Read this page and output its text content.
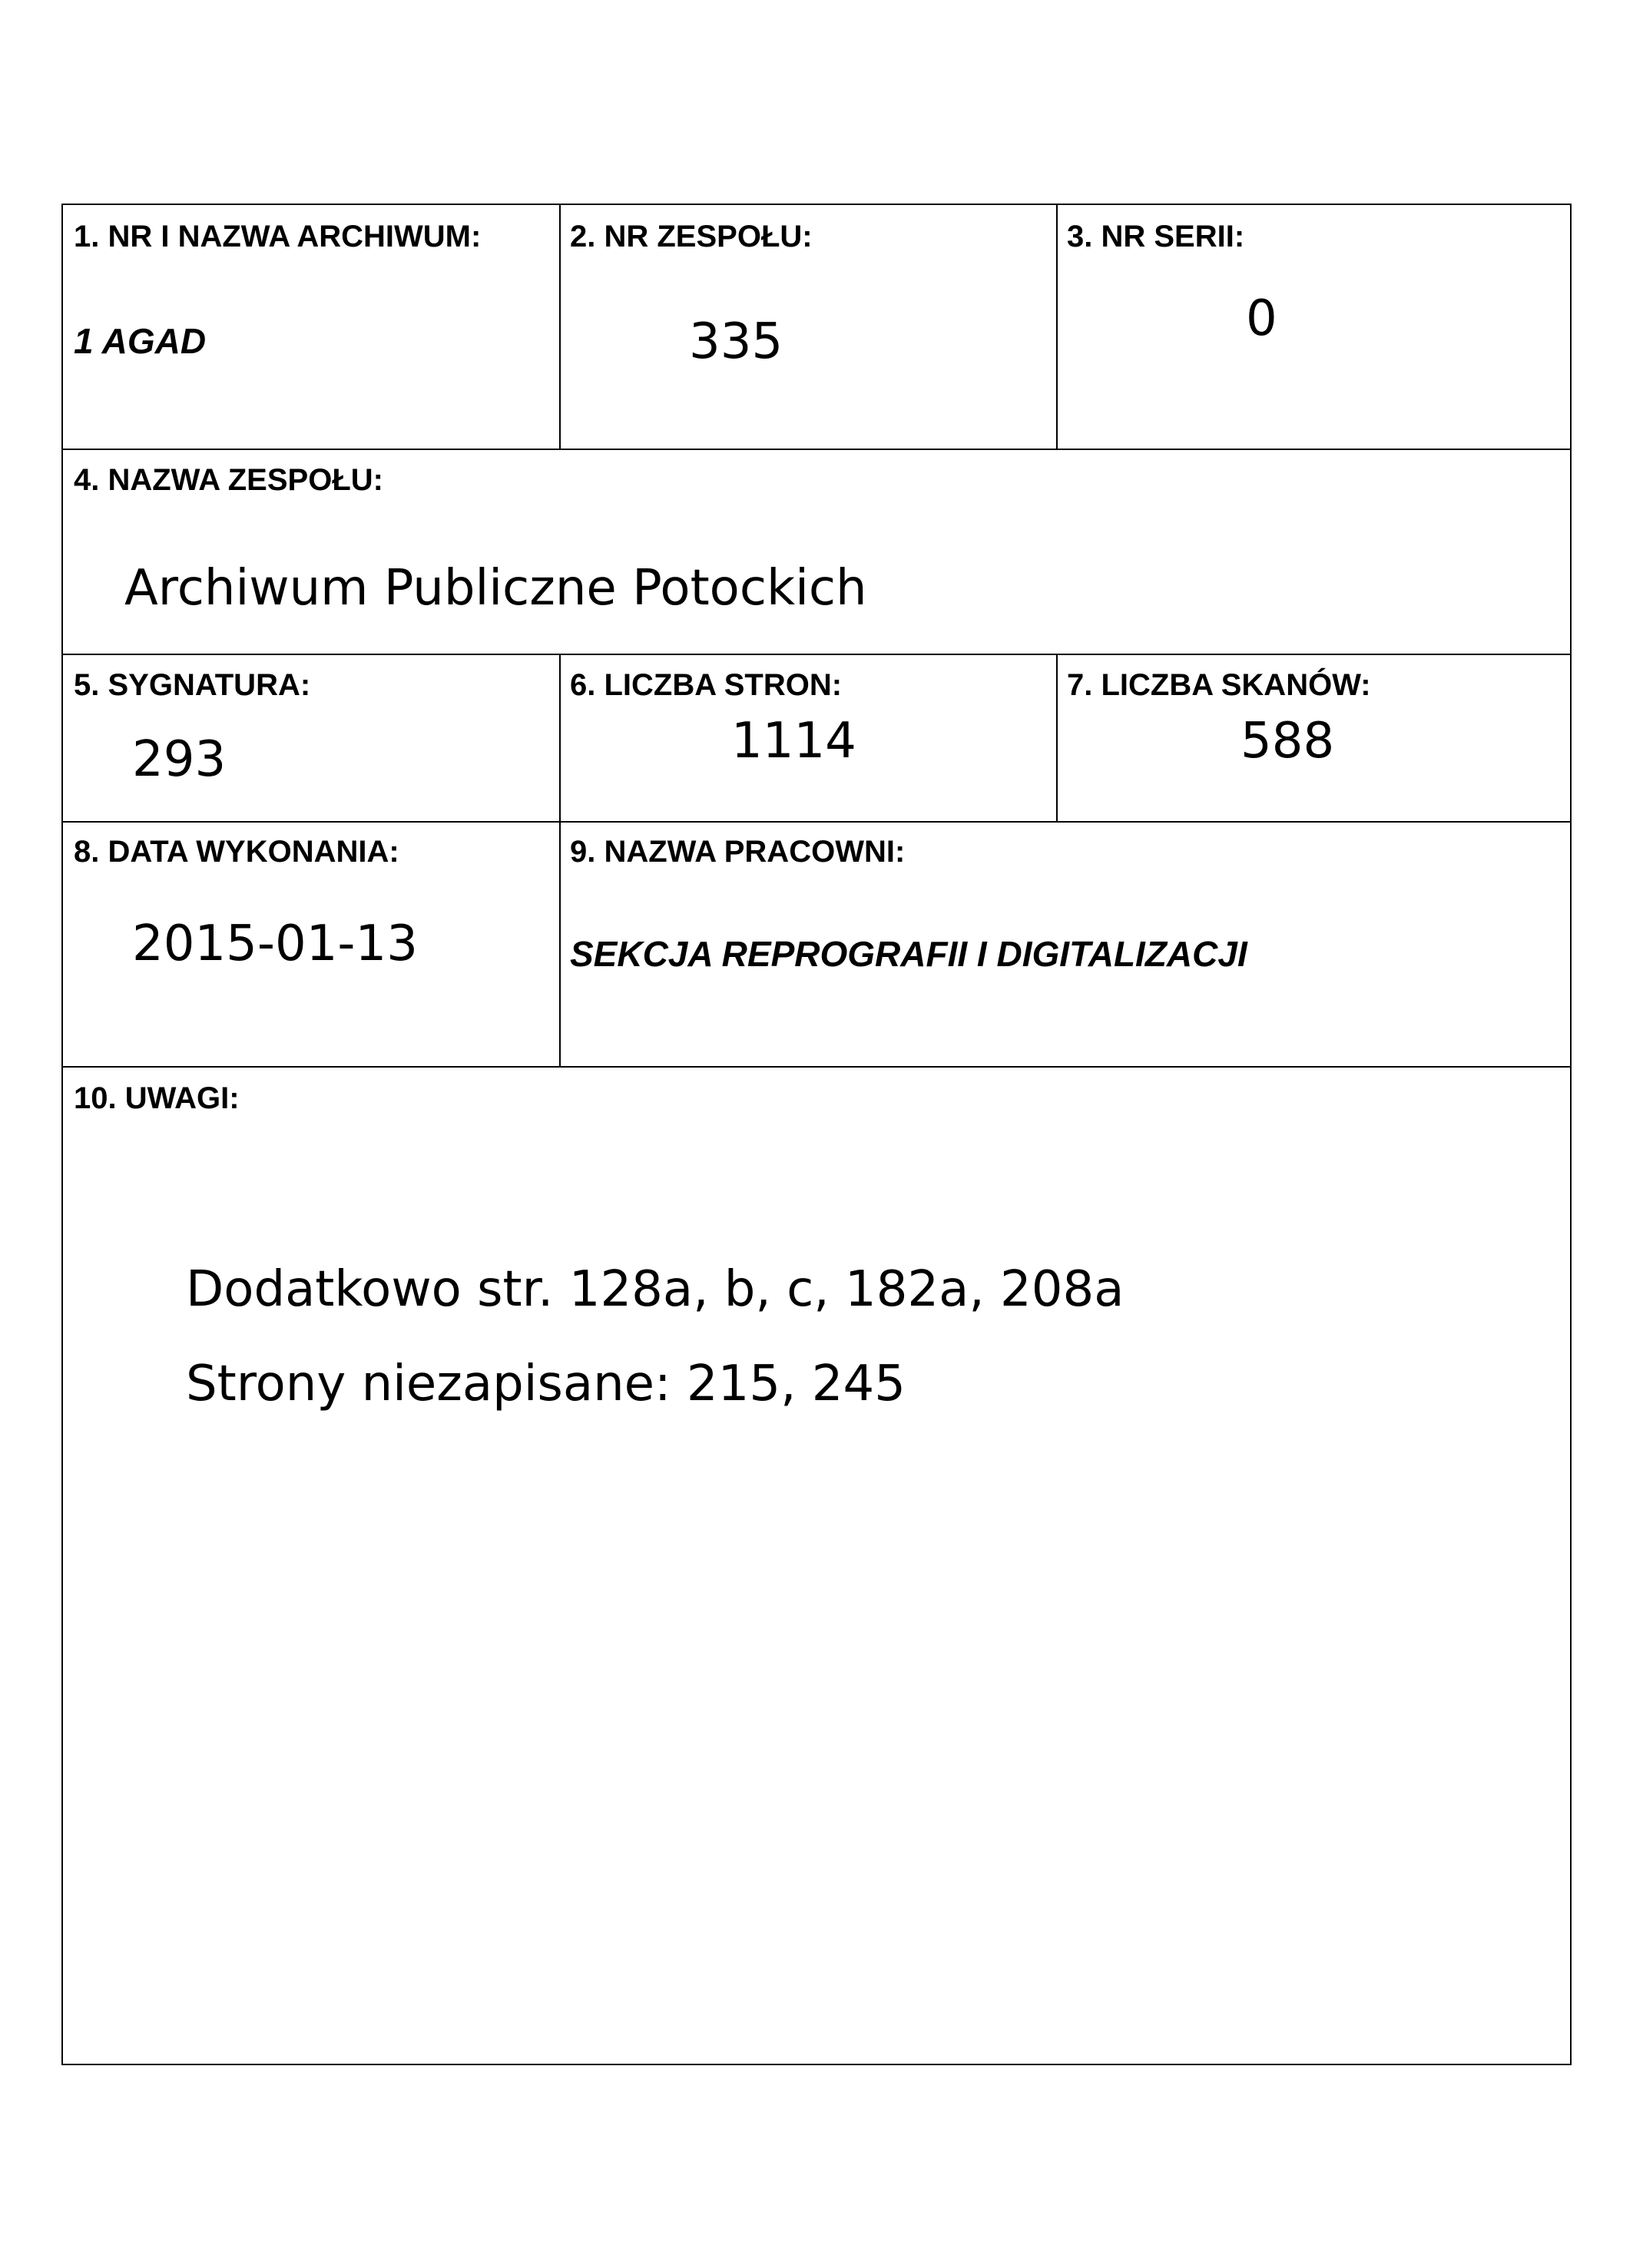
1. NR I NAZWA ARCHIWUM:
1 AGAD
2. NR ZESPOŁU:
335
3. NR SERII:
0
4. NAZWA ZESPOŁU:
Archiwum Publiczne Potockich
5. SYGNATURA:
293
6. LICZBA STRON:
1114
7. LICZBA SKANÓW:
588
8. DATA WYKONANIA:
2015-01-13
9. NAZWA PRACOWNI:
SEKCJA REPROGRAFII I DIGITALIZACJI
10. UWAGI:
Dodatkowo str. 128a, b, c, 182a, 208a
Strony niezapisane: 215, 245
